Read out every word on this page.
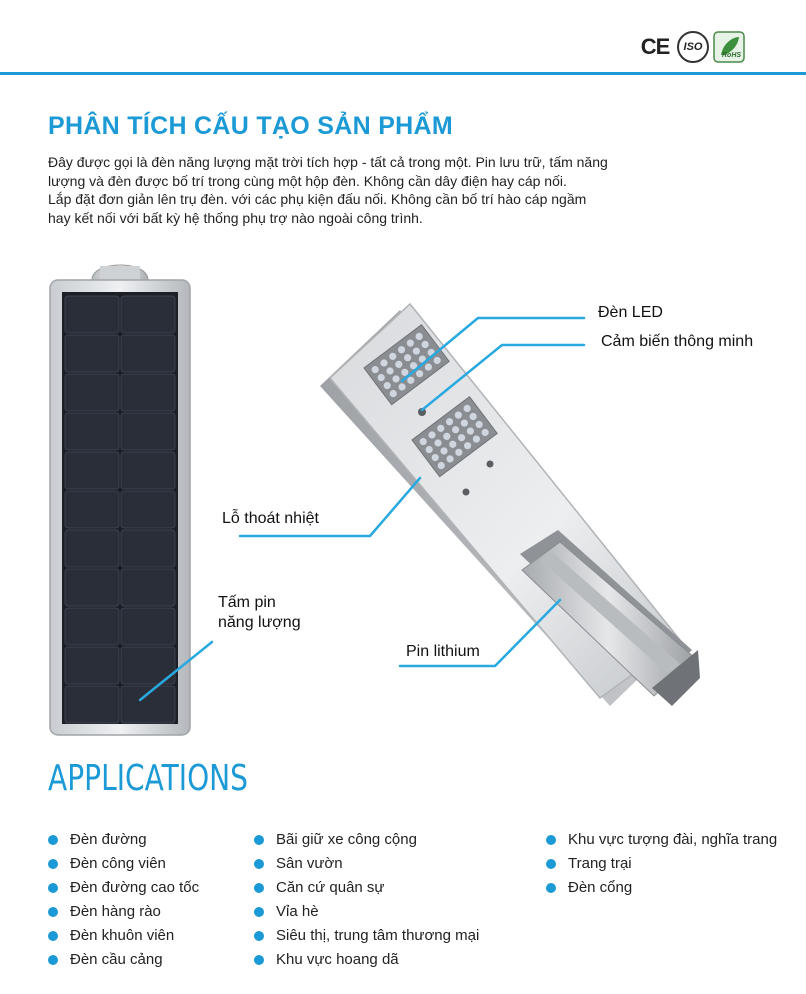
CE ISO
RoHS
PHÂN TÍCH CẤU TẠO SẢN PHẨM

Đây được gọi là đèn năng lượng mặt trời tích hợp - tất cả trong một. Pin lưu trữ, tấm năng lượng và đèn được bố trí trong cùng một hộp đèn. Không cần dây điện hay cáp nối.

Lắp đặt đơn giản lên trụ đèn. với các phụ kiện đấu nối. Không cần bố trí hào cáp ngầm hay kết nối với bất kỳ hệ thống phụ trợ nào ngoài công trình.

Đèn LED
Cảm biến thông minh
Lỗ thoát nhiệt
Tấm pin
năng lượng
Pin lithium
APPLICATIONS
Đèn đường
Đèn công viên
Đèn đường cao tốc
Đèn hàng rào
Đèn khuôn viên
Đèn cầu cảng
Bãi giữ xe công cộng
Sân vườn
Căn cứ quân sự
Vỉa hè
Siêu thị, trung tâm thương mại
Khu vực hoang dã
Khu vực tượng đài, nghĩa trang
Trang trại
Đèn cổng
